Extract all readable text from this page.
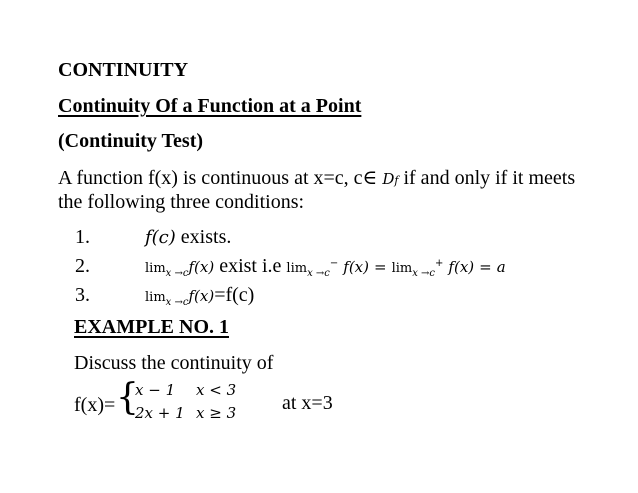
CONTINUITY
Continuity Of a Function at a Point
(Continuity Test)
A function f(x) is continuous at x=c, c∈ Df if and only if it meets
the following three conditions:
1.	f(c) exists.
2.	$\lim_{x \to c}f(x)$ exist i.e $\lim_{x \to c}^- f(x) = \lim_{x \to c}^+ f(x) = a$
3.	$\lim_{x \to c}f(x)=f(c)$
EXAMPLE NO. 1
Discuss the continuity of
f(x)= {
x − 1 x < 3
2x + 1 x ≥ 3 at x=3
